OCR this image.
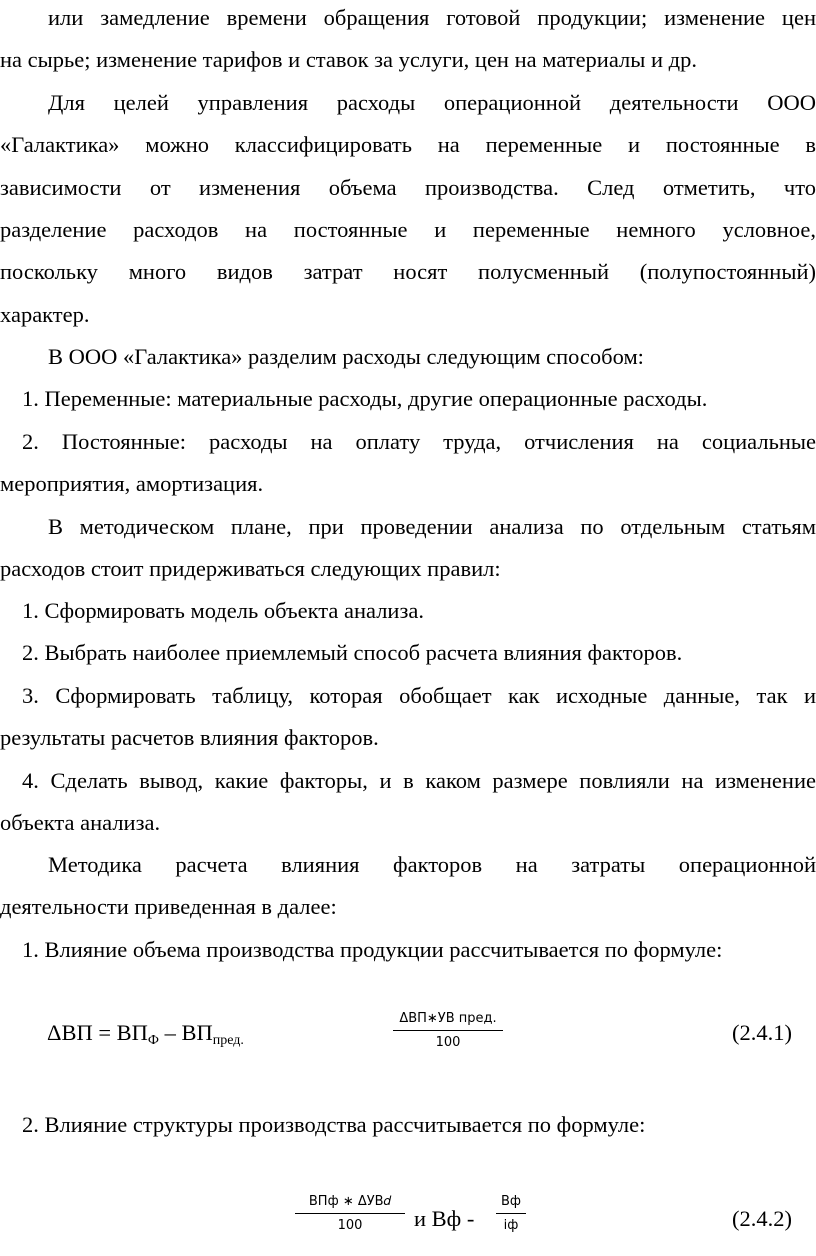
или замедление времени обращения готовой продукции; изменение цен
на сырье; изменение тарифов и ставок за услуги, цен на материалы и др.
Для целей управления расходы операционной деятельности ООО
«Галактика» можно классифицировать на переменные и постоянные в
зависимости от изменения объема производства. След отметить, что
разделение расходов на постоянные и переменные немного условное,
поскольку много видов затрат носят полусменный (полупостоянный)
характер.
В ООО «Галактика» разделим расходы следующим способом:
1. Переменные: материальные расходы, другие операционные расходы.
2. Постоянные: расходы на оплату труда, отчисления на социальные
мероприятия, амортизация.
В методическом плане, при проведении анализа по отдельным статьям
расходов стоит придерживаться следующих правил:
1. Сформировать модель объекта анализа.
2. Выбрать наиболее приемлемый способ расчета влияния факторов.
3. Сформировать таблицу, которая обобщает как исходные данные, так и
результаты расчетов влияния факторов.
4. Сделать вывод, какие факторы, и в каком размере повлияли на изменение
объекта анализа.
Методика расчета влияния факторов на затраты операционной
деятельности приведенная в далее:
1. Влияние объема производства продукции рассчитывается по формуле:
$\Delta ВП = ВП_Ф - ВП_{пред.}$
ΔВП∗УВ пред.
100	(2.4.1)
2. Влияние структуры производства рассчитывается по формуле:
ВПф ∗ ΔУВ𝑑
100	и Вф -
Вф
іф	(2.4.2)
